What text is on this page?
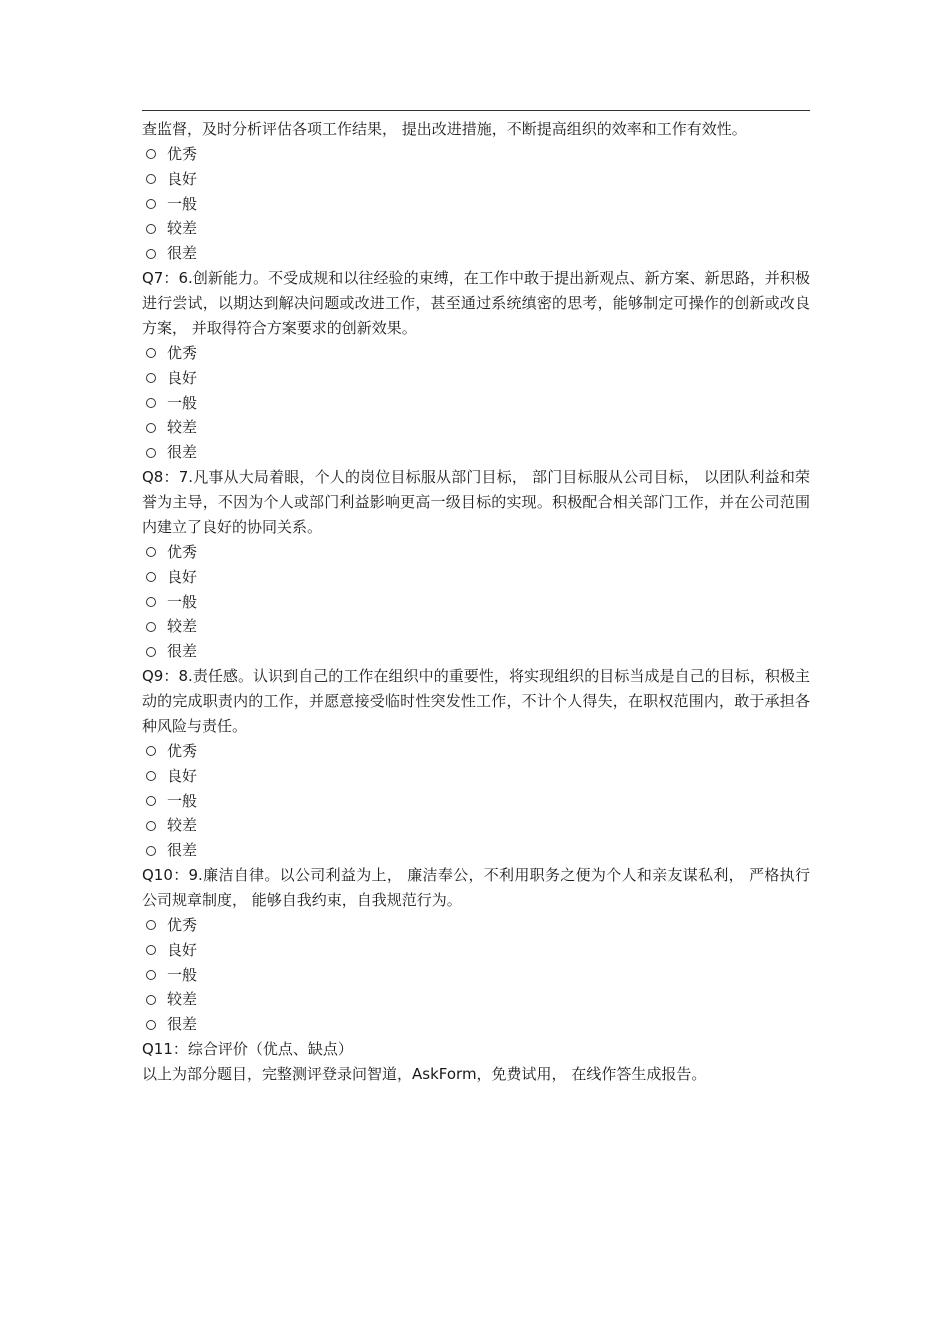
查监督，及时分析评估各项工作结果， 提出改进措施，不断提高组织的效率和工作有效性。
优秀
良好
一般
较差
很差
Q7：6.创新能力。不受成规和以往经验的束缚，在工作中敢于提出新观点、新方案、新思路，并积极进行尝试，以期达到解决问题或改进工作，甚至通过系统缜密的思考，能够制定可操作的创新或改良方案， 并取得符合方案要求的创新效果。
优秀
良好
一般
较差
很差
Q8：7.凡事从大局着眼，个人的岗位目标服从部门目标， 部门目标服从公司目标， 以团队利益和荣誉为主导，不因为个人或部门利益影响更高一级目标的实现。积极配合相关部门工作，并在公司范围内建立了良好的协同关系。
优秀
良好
一般
较差
很差
Q9：8.责任感。认识到自己的工作在组织中的重要性，将实现组织的目标当成是自己的目标，积极主动的完成职责内的工作，并愿意接受临时性突发性工作，不计个人得失，在职权范围内，敢于承担各种风险与责任。
优秀
良好
一般
较差
很差
Q10：9.廉洁自律。以公司利益为上， 廉洁奉公，不利用职务之便为个人和亲友谋私利， 严格执行公司规章制度， 能够自我约束，自我规范行为。
优秀
良好
一般
较差
很差
Q11：综合评价（优点、缺点）
以上为部分题目，完整测评登录问智道，AskForm，免费试用， 在线作答生成报告。
